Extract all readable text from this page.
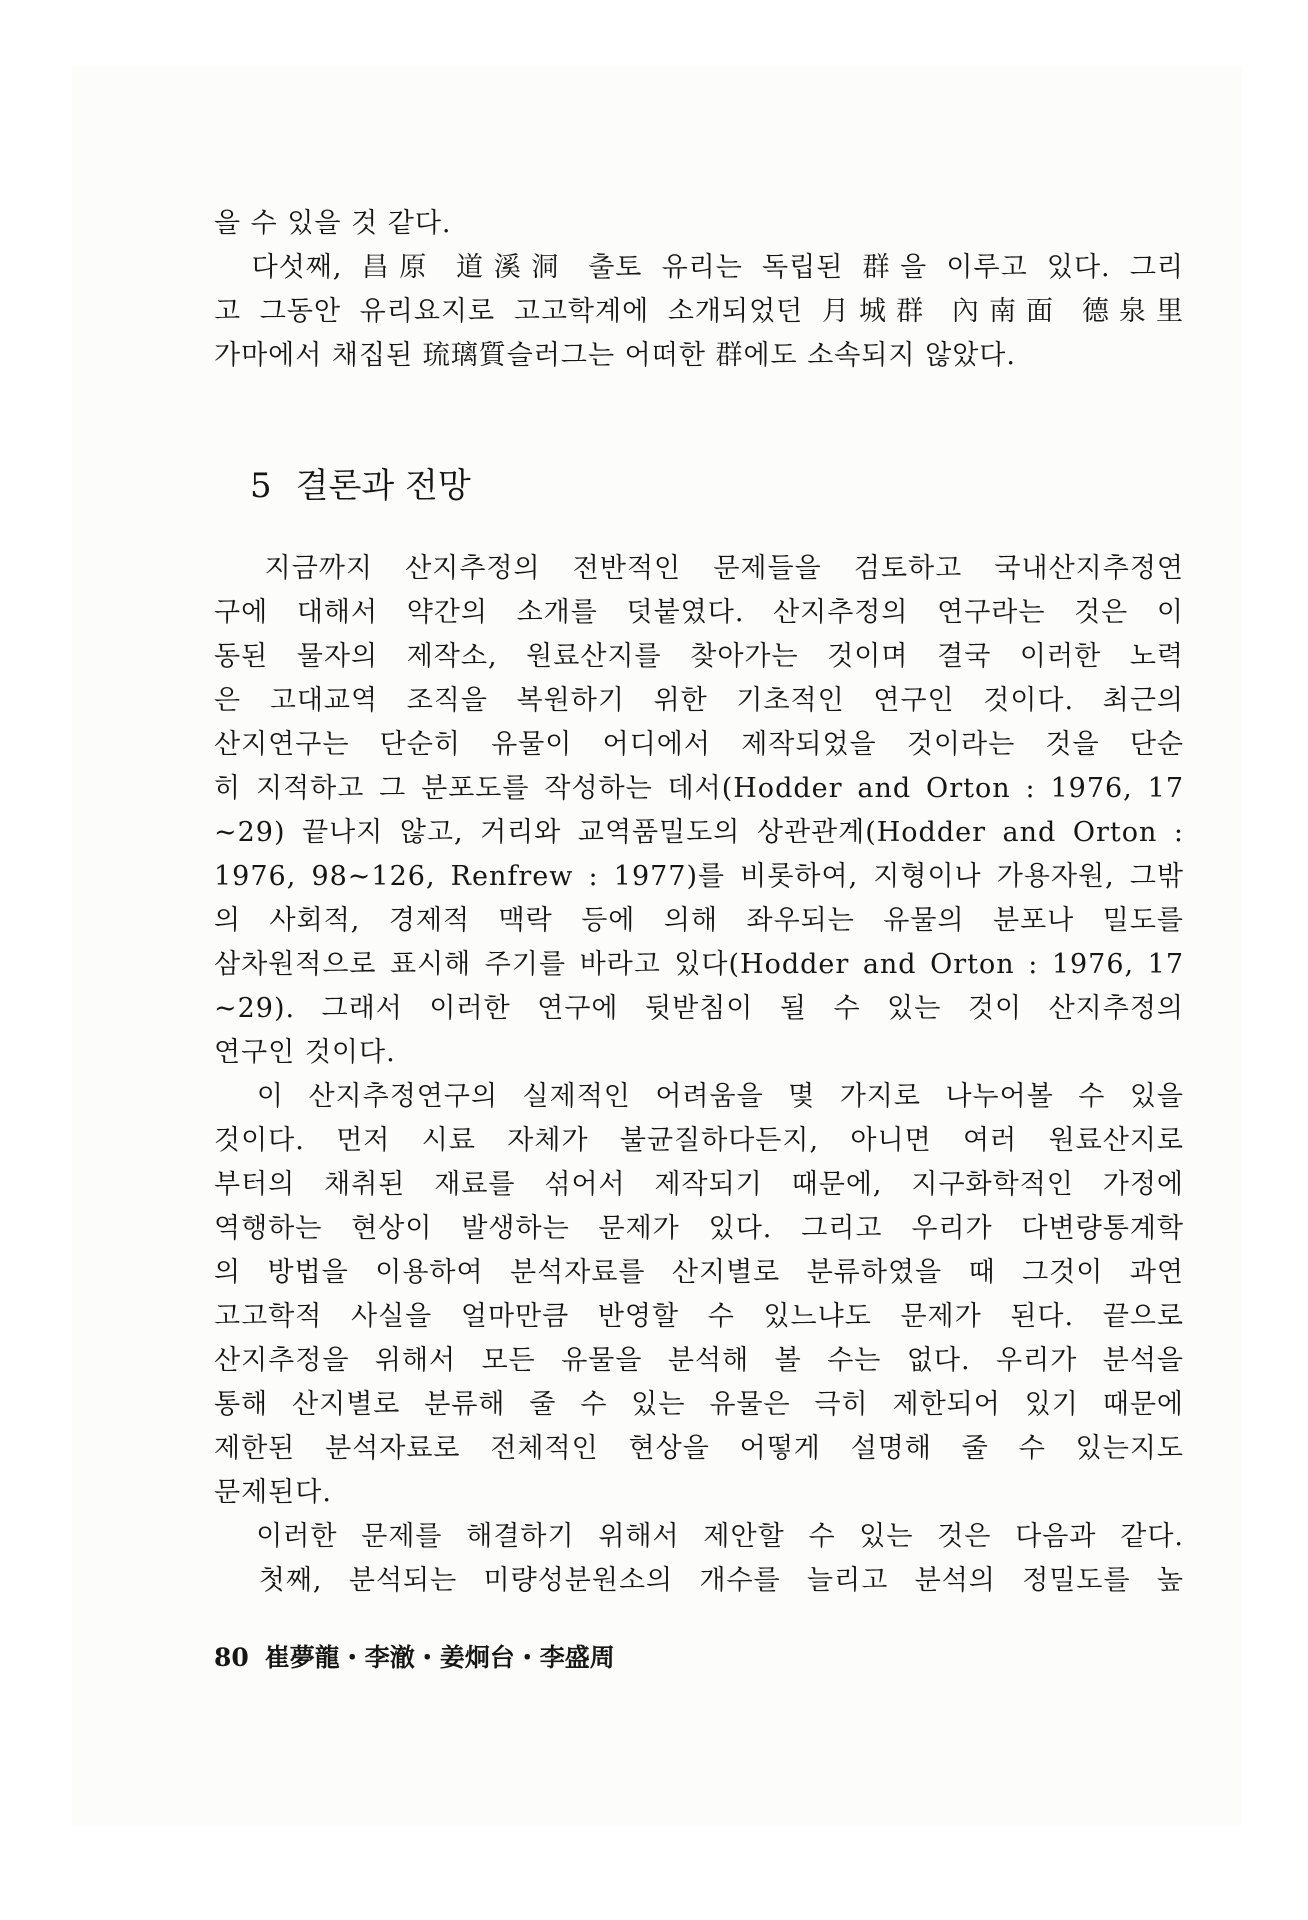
을 수 있을 것 같다.
　다섯째, 昌原 道溪洞 출토 유리는 독립된 群을 이루고 있다. 그리
고 그동안 유리요지로 고고학계에 소개되었던 月城群 內南面 德泉里
가마에서 채집된 琉璃質슬러그는 어떠한 群에도 소속되지 않았다.
5 결론과 전망
　지금까지 산지추정의 전반적인 문제들을 검토하고 국내산지추정연
구에 대해서 약간의 소개를 덧붙였다. 산지추정의 연구라는 것은 이
동된 물자의 제작소, 원료산지를 찾아가는 것이며 결국 이러한 노력
은 고대교역 조직을 복원하기 위한 기초적인 연구인 것이다. 최근의
산지연구는 단순히 유물이 어디에서 제작되었을 것이라는 것을 단순
히 지적하고 그 분포도를 작성하는 데서(Hodder and Orton : 1976, 17
~29) 끝나지 않고, 거리와 교역품밀도의 상관관계(Hodder and Orton :
1976, 98~126, Renfrew : 1977)를 비롯하여, 지형이나 가용자원, 그밖
의 사회적, 경제적 맥락 등에 의해 좌우되는 유물의 분포나 밀도를
삼차원적으로 표시해 주기를 바라고 있다(Hodder and Orton : 1976, 17
~29). 그래서 이러한 연구에 뒷받침이 될 수 있는 것이 산지추정의
연구인 것이다.
　이 산지추정연구의 실제적인 어려움을 몇 가지로 나누어볼 수 있을
것이다. 먼저 시료 자체가 불균질하다든지, 아니면 여러 원료산지로
부터의 채취된 재료를 섞어서 제작되기 때문에, 지구화학적인 가정에
역행하는 현상이 발생하는 문제가 있다. 그리고 우리가 다변량통계학
의 방법을 이용하여 분석자료를 산지별로 분류하였을 때 그것이 과연
고고학적 사실을 얼마만큼 반영할 수 있느냐도 문제가 된다. 끝으로
산지추정을 위해서 모든 유물을 분석해 볼 수는 없다. 우리가 분석을
통해 산지별로 분류해 줄 수 있는 유물은 극히 제한되어 있기 때문에
제한된 분석자료로 전체적인 현상을 어떻게 설명해 줄 수 있는지도
문제된다.
　이러한 문제를 해결하기 위해서 제안할 수 있는 것은 다음과 같다.
　첫째, 분석되는 미량성분원소의 개수를 늘리고 분석의 정밀도를 높
80 崔夢龍・李澈・姜炯台・李盛周
